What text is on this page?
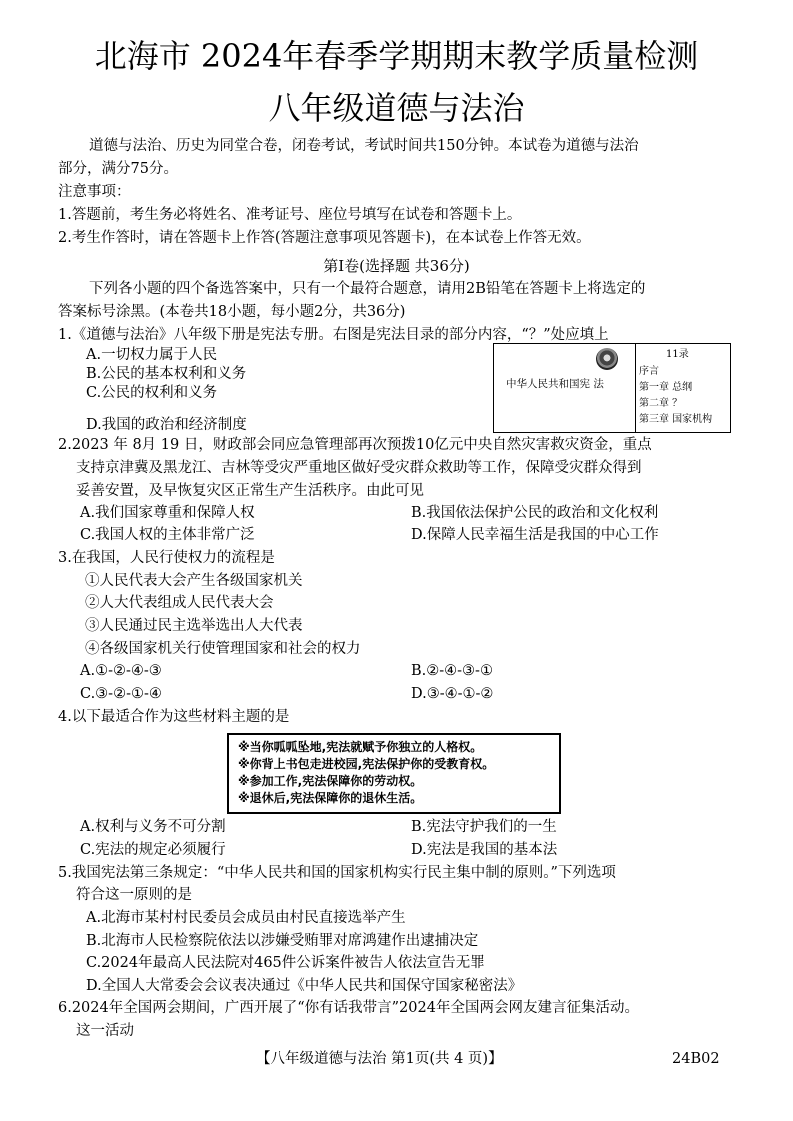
北海市 2024年春季学期期末教学质量检测
八年级道德与法治
道德与法治、历史为同堂合卷，闭卷考试，考试时间共150分钟。本试卷为道德与法治
部分，满分75分。
注意事项：
1.答题前，考生务必将姓名、准考证号、座位号填写在试卷和答题卡上。
2.考生作答时，请在答题卡上作答(答题注意事项见答题卡)，在本试卷上作答无效。
第Ⅰ卷(选择题 共36分)
下列各小题的四个备选答案中，只有一个最符合题意，请用2B铅笔在答题卡上将选定的
答案标号涂黑。(本卷共18小题，每小题2分，共36分)
1.《道德与法治》八年级下册是宪法专册。右图是宪法目录的部分内容，“？”处应填上
A.一切权力属于人民
B.公民的基本权利和义务
C.公民的权利和义务
D.我国的政治和经济制度
中华人民共和国宪 法
11录
序言
第一章 总纲
第二章 ？
第三章 国家机构
2.2023 年 8月 19 日，财政部会同应急管理部再次预拨10亿元中央自然灾害救灾资金，重点
支持京津冀及黑龙江、吉林等受灾严重地区做好受灾群众救助等工作，保障受灾群众得到
妥善安置，及早恢复灾区正常生产生活秩序。由此可见
A.我们国家尊重和保障人权	B.我国依法保护公民的政治和文化权利
C.我国人权的主体非常广泛	D.保障人民幸福生活是我国的中心工作
3.在我国，人民行使权力的流程是
①人民代表大会产生各级国家机关
②人大代表组成人民代表大会
③人民通过民主选举选出人大代表
④各级国家机关行使管理国家和社会的权力
A.①-②-④-③	B.②-④-③-①
C.③-②-①-④	D.③-④-①-②
4.以下最适合作为这些材料主题的是
※当你呱呱坠地,宪法就赋予你独立的人格权。
※你背上书包走进校园,宪法保护你的受教育权。
※参加工作,宪法保障你的劳动权。
※退休后,宪法保障你的退休生活。
A.权利与义务不可分割	B.宪法守护我们的一生
C.宪法的规定必须履行	D.宪法是我国的基本法
5.我国宪法第三条规定：“中华人民共和国的国家机构实行民主集中制的原则。”下列选项
符合这一原则的是
A.北海市某村村民委员会成员由村民直接选举产生
B.北海市人民检察院依法以涉嫌受贿罪对席鸿建作出逮捕决定
C.2024年最高人民法院对465件公诉案件被告人依法宣告无罪
D.全国人大常委会会议表决通过《中华人民共和国保守国家秘密法》
6.2024年全国两会期间，广西开展了“你有话我带言”2024年全国两会网友建言征集活动。
这一活动
【八年级道德与法治 第1页(共 4 页)】	24B02
